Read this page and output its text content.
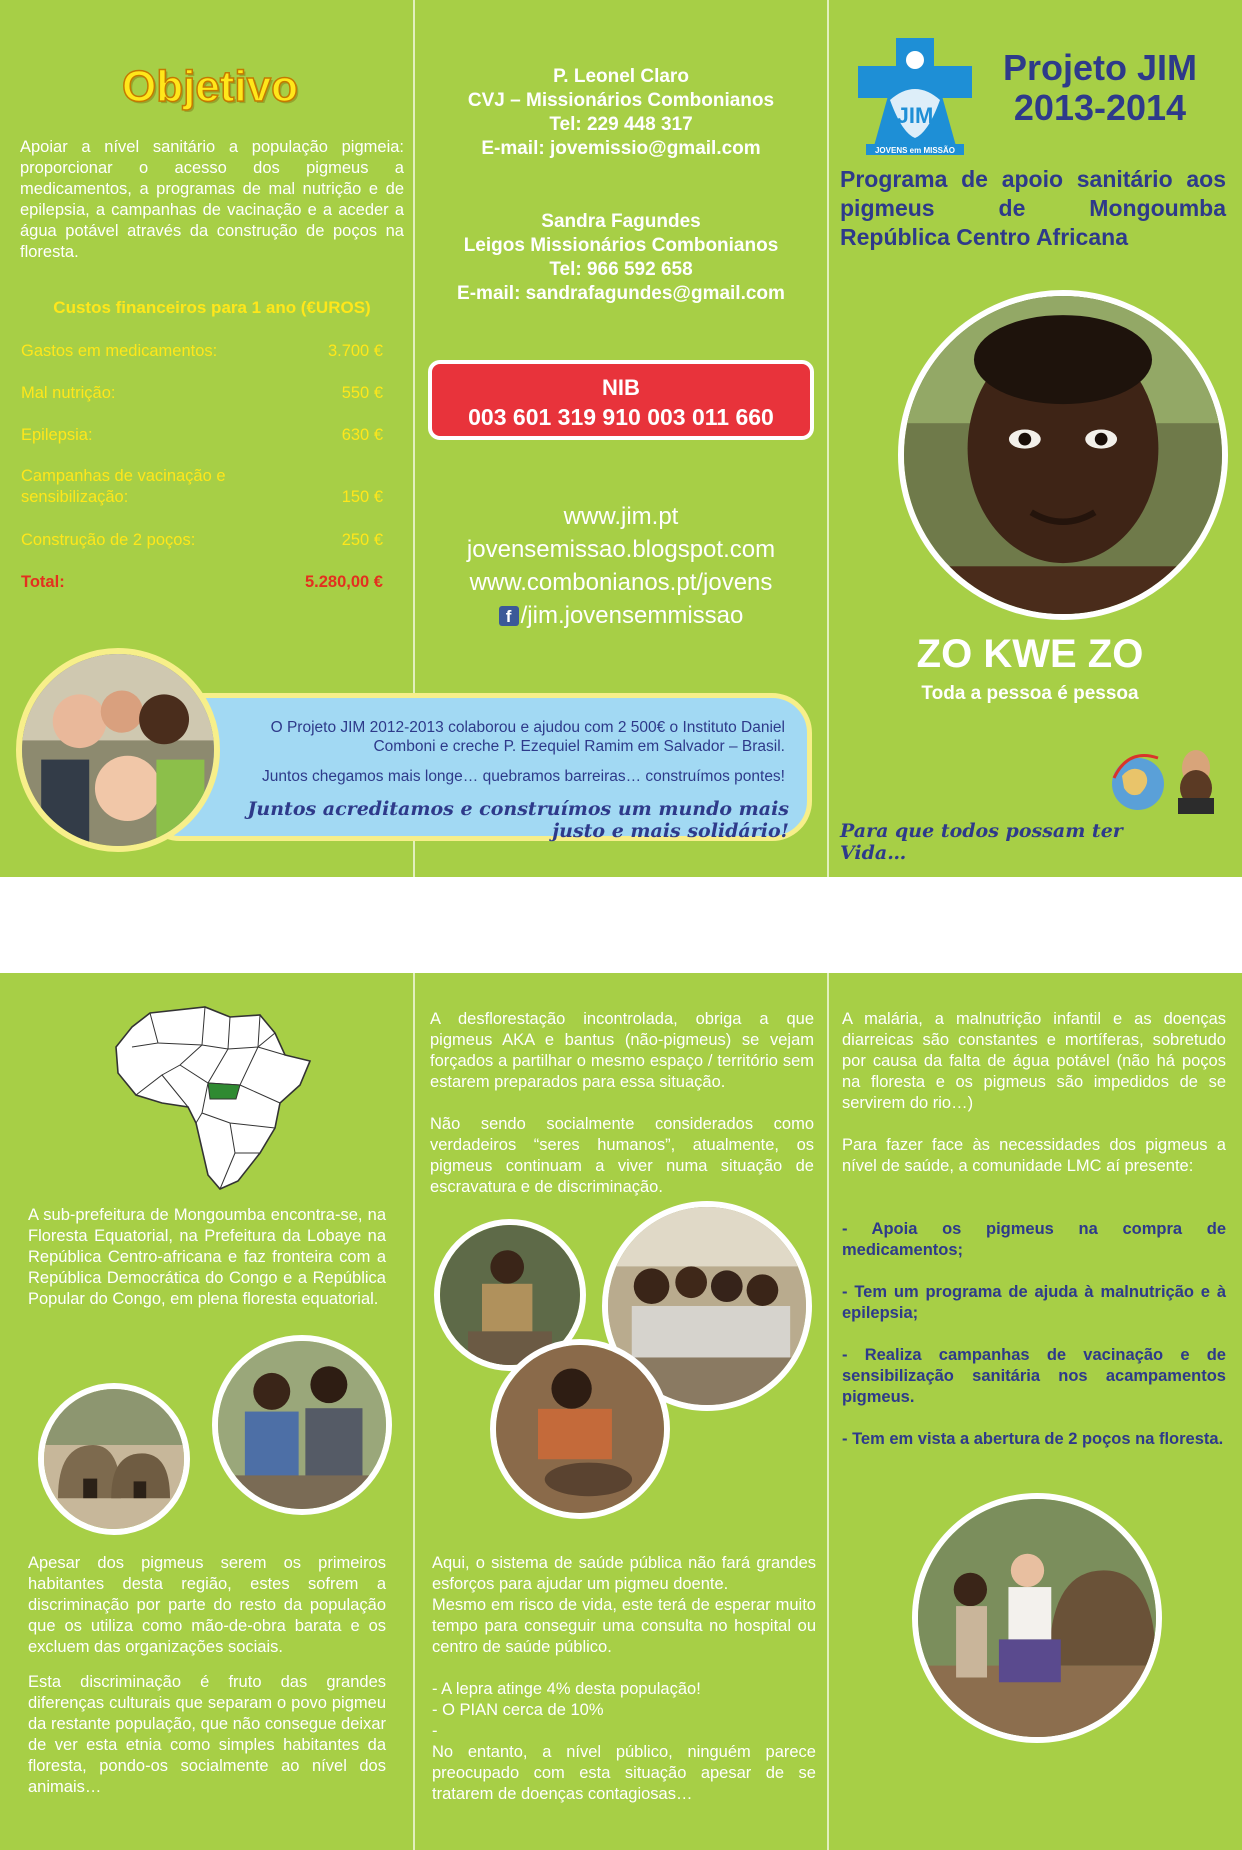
Objetivo
Apoiar a nível sanitário a população pigmeia: proporcionar o acesso dos pigmeus a medicamentos, a programas de mal nutrição e de epilepsia, a campanhas de vacinação e a aceder a água potável através da construção de poços na floresta.
Custos financeiros para 1 ano (€UROS)
Gastos em medicamentos:	3.700 €
Mal nutrição:	550 €
Epilepsia:	630 €
Campanhas de vacinação e sensibilização:	150 €
Construção de 2 poços:	250 €
Total:	5.280,00 €
P. Leonel Claro
CVJ – Missionários Combonianos
Tel: 229 448 317
E-mail: jovemissio@gmail.com
Sandra Fagundes
Leigos Missionários Combonianos
Tel: 966 592 658
E-mail: sandrafagundes@gmail.com
NIB
003 601 319 910 003 011 660
www.jim.pt
jovensemissao.blogspot.com
www.combonianos.pt/jovens
f /jim.jovensemmissao
O Projeto JIM 2012-2013 colaborou e ajudou com 2 500€ o Instituto Daniel Comboni e creche P. Ezequiel Ramim em Salvador – Brasil.
Juntos chegamos mais longe… quebramos barreiras… construímos pontes!
Juntos acreditamos e construímos um mundo mais justo e mais solidário!
JIM
JOVENS em MISSÃO
Projeto JIM
2013-2014
Programa de apoio sanitário aos pigmeus de Mongoumba República Centro Africana
ZO KWE ZO
Toda a pessoa é pessoa
Para que todos possam ter Vida…
A sub-prefeitura de Mongoumba encontra-se, na Floresta Equatorial, na Prefeitura da Lobaye na República Centro-africana e faz fronteira com a República Democrática do Congo e a República Popular do Congo, em plena floresta equatorial.
Apesar dos pigmeus serem os primeiros habitantes desta região, estes sofrem a discriminação por parte do resto da população que os utiliza como mão-de-obra barata e os excluem das organizações sociais.
Esta discriminação é fruto das grandes diferenças culturais que separam o povo pigmeu da restante população, que não consegue deixar de ver esta etnia como simples habitantes da floresta, pondo-os socialmente ao nível dos animais…
A desflorestação incontrolada, obriga a que pigmeus AKA e bantus (não-pigmeus) se vejam forçados a partilhar o mesmo espaço / território sem estarem preparados para essa situação.
Não sendo socialmente considerados como verdadeiros “seres humanos”, atualmente, os pigmeus continuam a viver numa situação de escravatura e de discriminação.
Aqui, o sistema de saúde pública não fará grandes esforços para ajudar um pigmeu doente.
Mesmo em risco de vida, este terá de esperar muito tempo para conseguir uma consulta no hospital ou centro de saúde público.
- A lepra atinge 4% desta população!
- O PIAN cerca de 10%
-
No entanto, a nível público, ninguém parece preocupado com esta situação apesar de se tratarem de doenças contagiosas…
A malária, a malnutrição infantil e as doenças diarreicas são constantes e mortíferas, sobretudo por causa da falta de água potável (não há poços na floresta e os pigmeus são impedidos de se servirem do rio…)
Para fazer face às necessidades dos pigmeus a nível de saúde, a comunidade LMC aí presente:
- Apoia os pigmeus na compra de medicamentos;
- Tem um programa de ajuda à malnutrição e à epilepsia;
- Realiza campanhas de vacinação e de sensibilização sanitária nos acampamentos pigmeus.
- Tem em vista a abertura de 2 poços na floresta.
